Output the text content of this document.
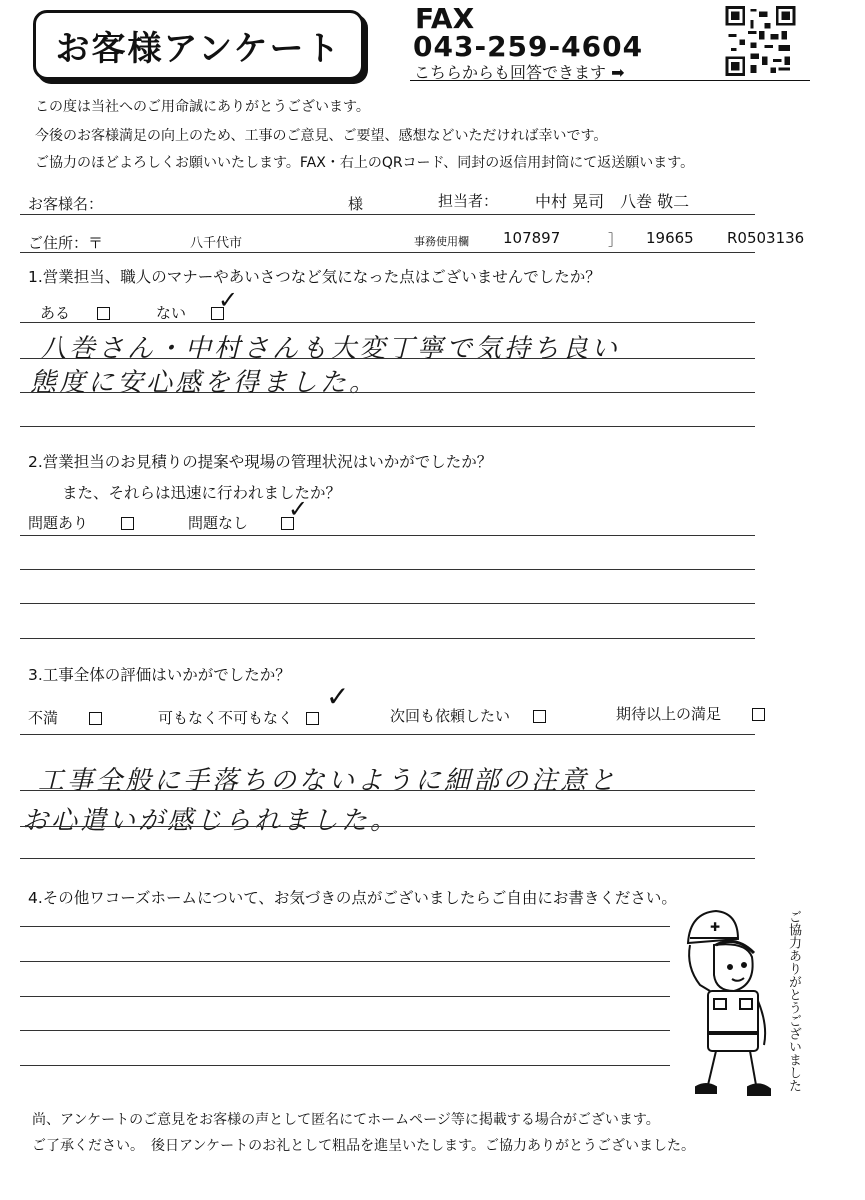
お客様アンケート
FAX
043-259-4604
こちらからも回答できます ➡
この度は当社へのご用命誠にありがとうございます。
今後のお客様満足の向上のため、工事のご意見、ご要望、感想などいただければ幸いです。
ご協力のほどよろしくお願いいたします。FAX・右上のQRコード、同封の返信用封筒にて返送願います。
お客様名：	様	担当者： 中村 晃司　八巻 敬二
ご住所：〒	八千代市	事務使用欄 107897	］ 19665 R0503136
1.営業担当、職人のマナーやあいさつなど気になった点はございませんでしたか？
ある	ない	✓
八巻さん・中村さんも大変丁寧で気持ち良い
態度に安心感を得ました。
2.営業担当のお見積りの提案や現場の管理状況はいかがでしたか？
また、それらは迅速に行われましたか？
問題あり	問題なし	✓
3.工事全体の評価はいかがでしたか？
不満	可もなく不可もなく
✓
次回も依頼したい	期待以上の満足
工事全般に手落ちのないように細部の注意と
お心遣いが感じられました。
4.その他ワコーズホームについて、お気づきの点がございましたらご自由にお書きください。
✚	ご協力ありがとうございました
尚、アンケートのご意見をお客様の声として匿名にてホームページ等に掲載する場合がございます。
ご了承ください。　後日アンケートのお礼として粗品を進呈いたします。ご協力ありがとうございました。
